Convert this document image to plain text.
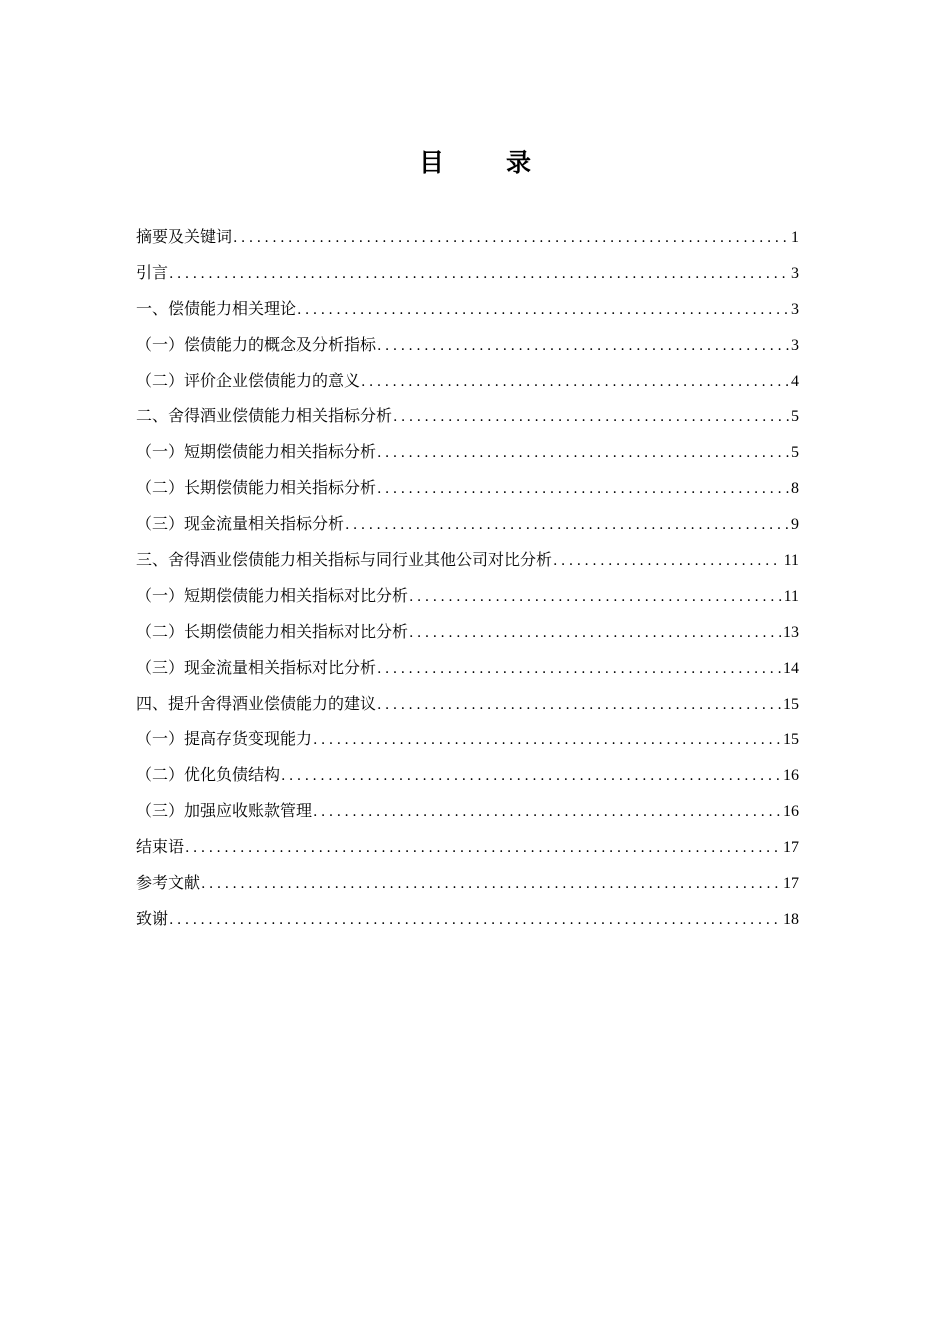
目 录
摘要及关键词 .....	1
引言 .....	3
一、偿债能力相关理论 .....	3
（一）偿债能力的概念及分析指标 .....	3
（二）评价企业偿债能力的意义 .....	4
二、舍得酒业偿债能力相关指标分析 .....	5
（一）短期偿债能力相关指标分析 .....	5
（二）长期偿债能力相关指标分析 .....	8
（三）现金流量相关指标分析 .....	9
三、舍得酒业偿债能力相关指标与同行业其他公司对比分析 .....	11
（一）短期偿债能力相关指标对比分析 .....	11
（二）长期偿债能力相关指标对比分析 .....	13
（三）现金流量相关指标对比分析 .....	14
四、提升舍得酒业偿债能力的建议 .....	15
（一）提高存货变现能力 .....	15
（二）优化负债结构 .....	16
（三）加强应收账款管理 .....	16
结束语 .....	17
参考文献 .....	17
致谢 .....	18
